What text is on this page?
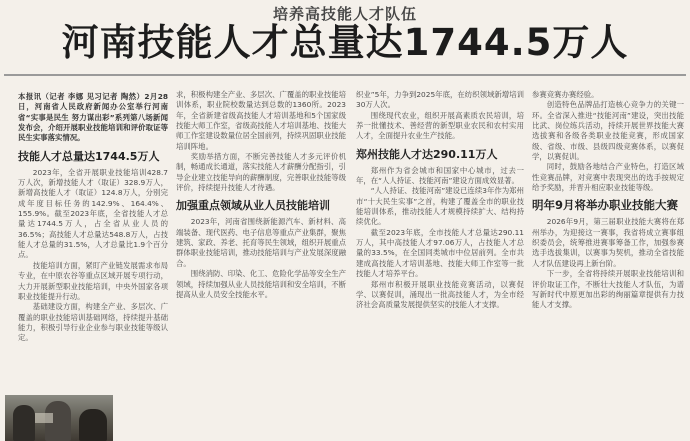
培养高技能人才队伍
河南技能人才总量达1744.5万人

本报讯（记者 李娜 见习记者 陶然）2月28日，河南省人民政府新闻办公室举行河南省“实事是民生 努力谋出彩”系列第八场新闻发布会，介绍开展职业技能培训和评价取证等民生实事落实情况。

技能人才总量达1744.5万人

2023年，全省开展职业技能培训428.7万人次，新增技能人才（取证）328.9万人，新增高技能人才（取证）124.8万人，分别完成年度目标任务的142.9%、164.4%、155.9%。截至2023年底，全省技能人才总量达1744.5万人，占全省从业人员的36.5%；高技能人才总量达548.8万人，占技能人才总量的31.5%，人才总量比1.9个百分点。

技能培训方面，紧盯产业链发展需求布局专业，在中原农谷等重点区域开展专项行动，大力开展新型职业技能培训，中央外国家各项职业技能提升行动。

基础建设方面，构建全产业、多层次、广覆盖的职业技能培训基础网络，持续提升基础能力，积极引导行业企业参与职业技能等级认定。

求，积极构建全产业、多层次、广覆盖的职业技能培训体系，职业院校数量达到总数的1360所。2023年，全省新建省级高技能人才培训基地和5个国家级技能大师工作室，省级高技能人才培训基地、技能大师工作室建设数量位居全国前列，持续巩固职业技能培训阵地。

奖励举措方面，不断完善技能人才多元评价机制，畅通成长通道，落实技能人才薪酬分配指引，引导企业建立技能导向的薪酬制度，完善职业技能等级评价，持续提升技能人才待遇。

加强重点领域从业人员技能培训

2023年，河南省围绕新能源汽车、新材料、高端装备、现代医药、电子信息等重点产业集群，聚焦建筑、家政、养老、托育等民生领域，组织开展重点群体职业技能培训，推动技能培训与产业发展深度融合。

围绕消防、印染、化工、危险化学品等安全生产领域，持续加强从业人员技能培训和安全培训，不断提高从业人员安全技能水平。

织业”5年，力争到2025年底，在纺织领域新增培训30万人次。

围绕现代农业，组织开展高素质农民培训，培养一批懂技术、善经营的新型职业农民和农村实用人才，全面提升农业生产技能。

郑州技能人才达290.11万人

郑州作为省会城市和国家中心城市，过去一年，在“人人持证、技能河南”建设方面成效显著。

“人人持证、技能河南”建设已连续3年作为郑州市“十大民生实事”之首，构建了覆盖全市的职业技能培训体系，推动技能人才规模持续扩大、结构持续优化。

截至2023年底，全市技能人才总量达290.11万人，其中高技能人才97.06万人，占技能人才总量的33.5%，在全国同类城市中位居前列。全市共建成高技能人才培训基地、技能大师工作室等一批技能人才培养平台。

郑州市积极开展职业技能竞赛活动，以赛促学、以赛促训，涌现出一批高技能人才，为全市经济社会高质量发展提供坚实的技能人才支撑。

参赛竞赛办赛经验。

创造特色品牌品打造核心竞争力的关键一环。全省深入推进“技能河南”建设，突出技能比武、岗位练兵活动，持续开展世界技能大赛选拔赛和各级各类职业技能竞赛，形成国家级、省级、市级、县级四级竞赛体系，以赛促学，以赛促训。

同时，鼓励各地结合产业特色，打造区域性竞赛品牌，对竞赛中表现突出的选手按规定给予奖励，并晋升相应职业技能等级。

明年9月将举办职业技能大赛

2026年9月，第三届职业技能大赛将在郑州举办，为迎接这一赛事，我省将成立赛事组织委员会，统筹推进赛事筹备工作，加强参赛选手选拔集训，以赛事为契机，推动全省技能人才队伍建设再上新台阶。

下一步，全省将持续开展职业技能培训和评价取证工作，不断壮大技能人才队伍，为谱写新时代中原更加出彩的绚丽篇章提供有力技能人才支撑。
